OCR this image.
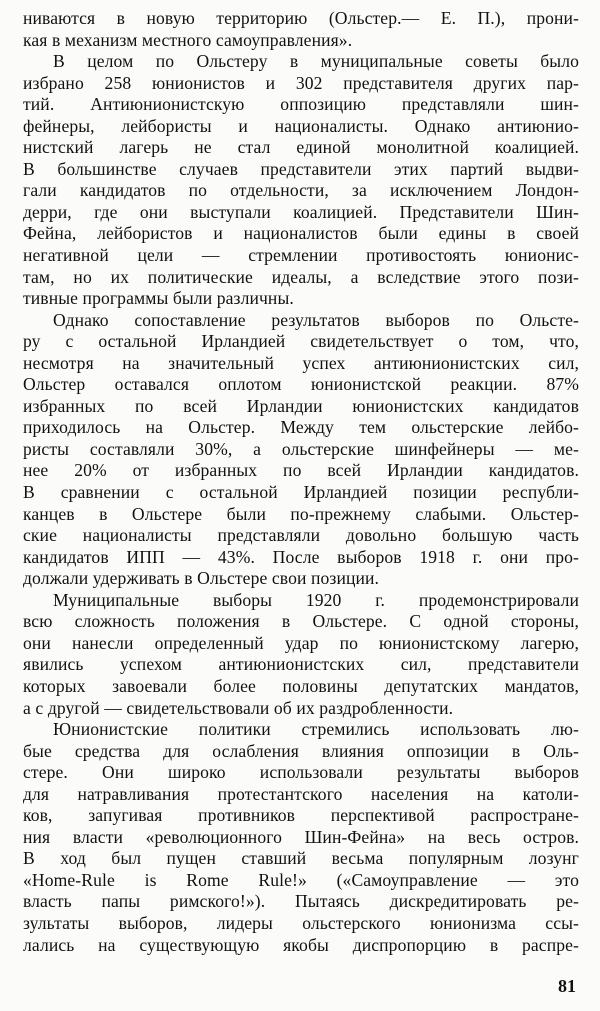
ниваются в новую территорию (Ольстер.— Е. П.), прони-
кая в механизм местного самоуправления».
В целом по Ольстеру в муниципальные советы было
избрано 258 юнионистов и 302 представителя других пар-
тий. Антиюнионистскую оппозицию представляли шин-
фейнеры, лейбористы и националисты. Однако антиюнио-
нистский лагерь не стал единой монолитной коалицией.
В большинстве случаев представители этих партий выдви-
гали кандидатов по отдельности, за исключением Лондон-
дерри, где они выступали коалицией. Представители Шин-
Фейна, лейбористов и националистов были едины в своей
негативной цели — стремлении противостоять юнионис-
там, но их политические идеалы, а вследствие этого пози-
тивные программы были различны.
Однако сопоставление результатов выборов по Ольсте-
ру с остальной Ирландией свидетельствует о том, что,
несмотря на значительный успех антиюнионистских сил,
Ольстер оставался оплотом юнионистской реакции. 87%
избранных по всей Ирландии юнионистских кандидатов
приходилось на Ольстер. Между тем ольстерские лейбо-
ристы составляли 30%, а ольстерские шинфейнеры — ме-
нее 20% от избранных по всей Ирландии кандидатов.
В сравнении с остальной Ирландией позиции республи-
канцев в Ольстере были по-прежнему слабыми. Ольстер-
ские националисты представляли довольно большую часть
кандидатов ИПП — 43%. После выборов 1918 г. они про-
должали удерживать в Ольстере свои позиции.
Муниципальные выборы 1920 г. продемонстрировали
всю сложность положения в Ольстере. С одной стороны,
они нанесли определенный удар по юнионистскому лагерю,
явились успехом антиюнионистских сил, представители
которых завоевали более половины депутатских мандатов,
а с другой — свидетельствовали об их раздробленности.
Юнионистские политики стремились использовать лю-
бые средства для ослабления влияния оппозиции в Оль-
стере. Они широко использовали результаты выборов
для натравливания протестантского населения на католи-
ков, запугивая противников перспективой распростране-
ния власти «революционного Шин-Фейна» на весь остров.
В ход был пущен ставший весьма популярным лозунг
«Home-Rule is Rome Rule!» («Самоуправление — это
власть папы римского!»). Пытаясь дискредитировать ре-
зультаты выборов, лидеры ольстерского юнионизма ссы-
лались на существующую якобы диспропорцию в распре-
81
